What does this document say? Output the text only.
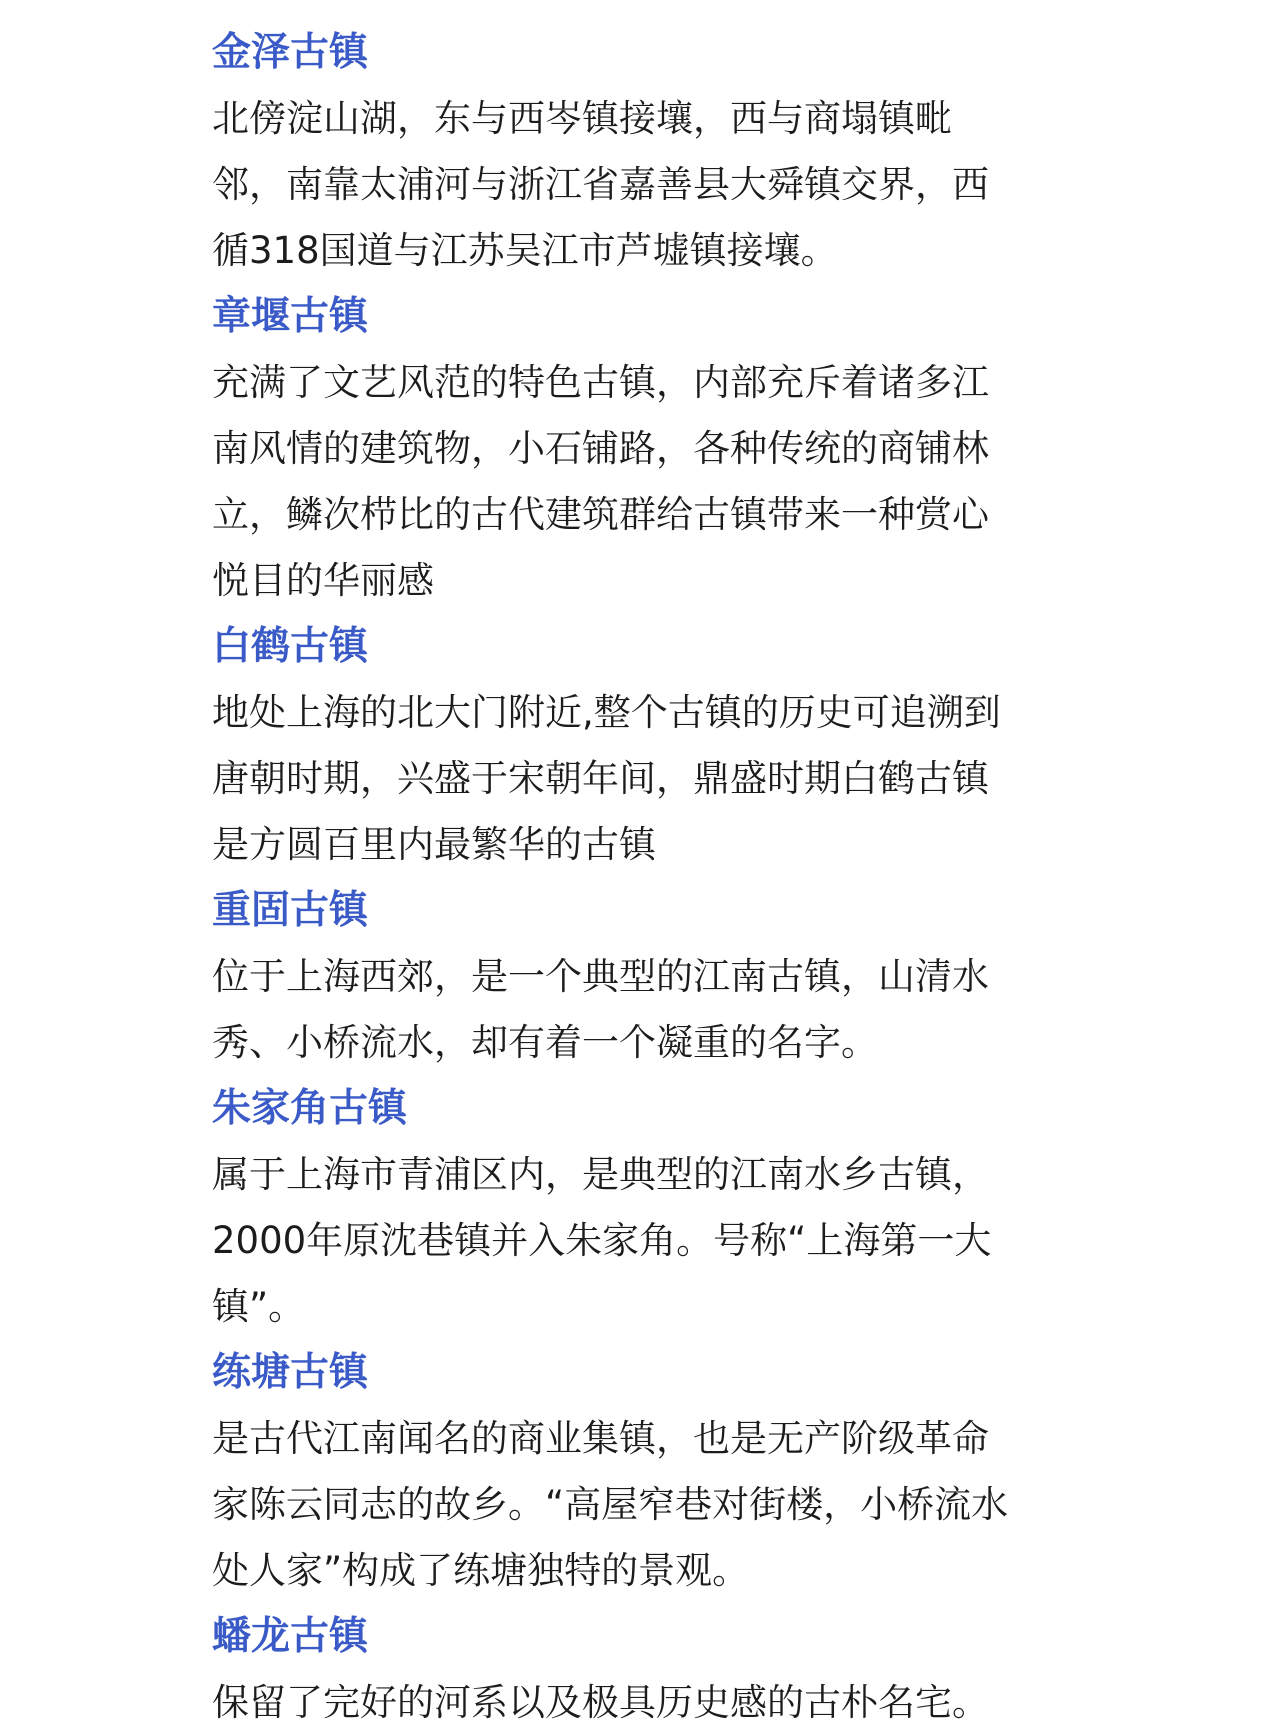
金泽古镇
北傍淀山湖，东与西岑镇接壤，西与商塌镇毗
邻，南靠太浦河与浙江省嘉善县大舜镇交界，西
循318国道与江苏吴江市芦墟镇接壤。
章堰古镇
充满了文艺风范的特色古镇，内部充斥着诸多江
南风情的建筑物，小石铺路，各种传统的商铺林
立，鳞次栉比的古代建筑群给古镇带来一种赏心
悦目的华丽感
白鹤古镇
地处上海的北大门附近,整个古镇的历史可追溯到
唐朝时期，兴盛于宋朝年间，鼎盛时期白鹤古镇
是方圆百里内最繁华的古镇
重固古镇
位于上海西郊，是一个典型的江南古镇，山清水
秀、小桥流水，却有着一个凝重的名字。
朱家角古镇
属于上海市青浦区内，是典型的江南水乡古镇，
2000年原沈巷镇并入朱家角。号称“上海第一大
镇”。
练塘古镇
是古代江南闻名的商业集镇，也是无产阶级革命
家陈云同志的故乡。“高屋窄巷对街楼，小桥流水
处人家”构成了练塘独特的景观。
蟠龙古镇
保留了完好的河系以及极具历史感的古朴名宅。
